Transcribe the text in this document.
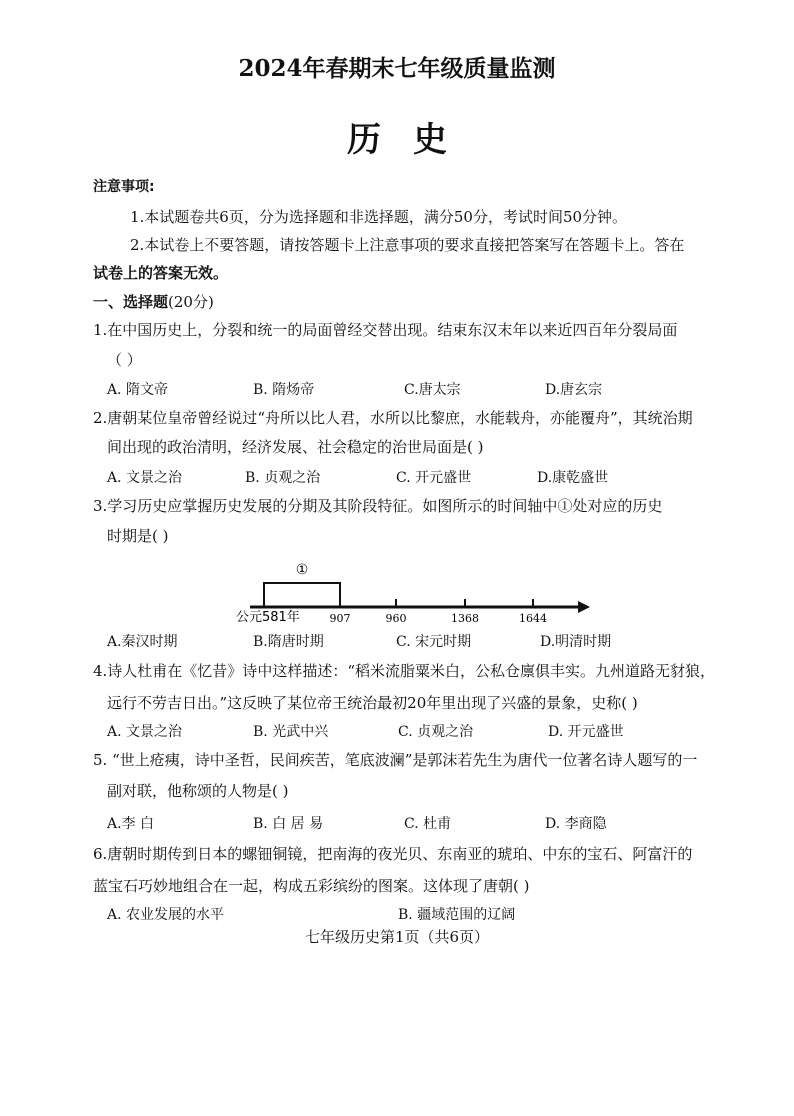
2024年春期末七年级质量监测
历史
注意事项:
1.本试题卷共6页，分为选择题和非选择题，满分50分，考试时间50分钟。
2.本试卷上不要答题，请按答题卡上注意事项的要求直接把答案写在答题卡上。答在
试卷上的答案无效。
一、选择题(20分)
1.在中国历史上，分裂和统一的局面曾经交替出现。结束东汉末年以来近四百年分裂局面
（ ）
A. 隋文帝	B. 隋炀帝	C.唐太宗	D.唐玄宗
2.唐朝某位皇帝曾经说过“舟所以比人君，水所以比黎庶，水能载舟，亦能覆舟”，其统治期
间出现的政治清明，经济发展、社会稳定的治世局面是( )
A. 文景之治	B. 贞观之治	C. 开元盛世	D.康乾盛世
3.学习历史应掌握历史发展的分期及其阶段特征。如图所示的时间轴中①处对应的历史
时期是( )
①
公元581年	907	960	1368	1644
A.秦汉时期	B.隋唐时期	C. 宋元时期	D.明清时期
4.诗人杜甫在《忆昔》诗中这样描述：“稻米流脂粟米白，公私仓廪俱丰实。九州道路无豺狼，
远行不劳吉日出。”这反映了某位帝王统治最初20年里出现了兴盛的景象，史称( )
A. 文景之治	B. 光武中兴	C. 贞观之治	D. 开元盛世
5. “世上疮痍，诗中圣哲，民间疾苦，笔底波澜”是郭沫若先生为唐代一位著名诗人题写的一
副对联，他称颂的人物是( )
A.李 白	B. 白 居 易	C. 杜甫	D. 李商隐
6.唐朝时期传到日本的螺钿铜镜，把南海的夜光贝、东南亚的琥珀、中东的宝石、阿富汗的
蓝宝石巧妙地组合在一起，构成五彩缤纷的图案。这体现了唐朝( )
A. 农业发展的水平	B. 疆域范围的辽阔
七年级历史第1页（共6页）
